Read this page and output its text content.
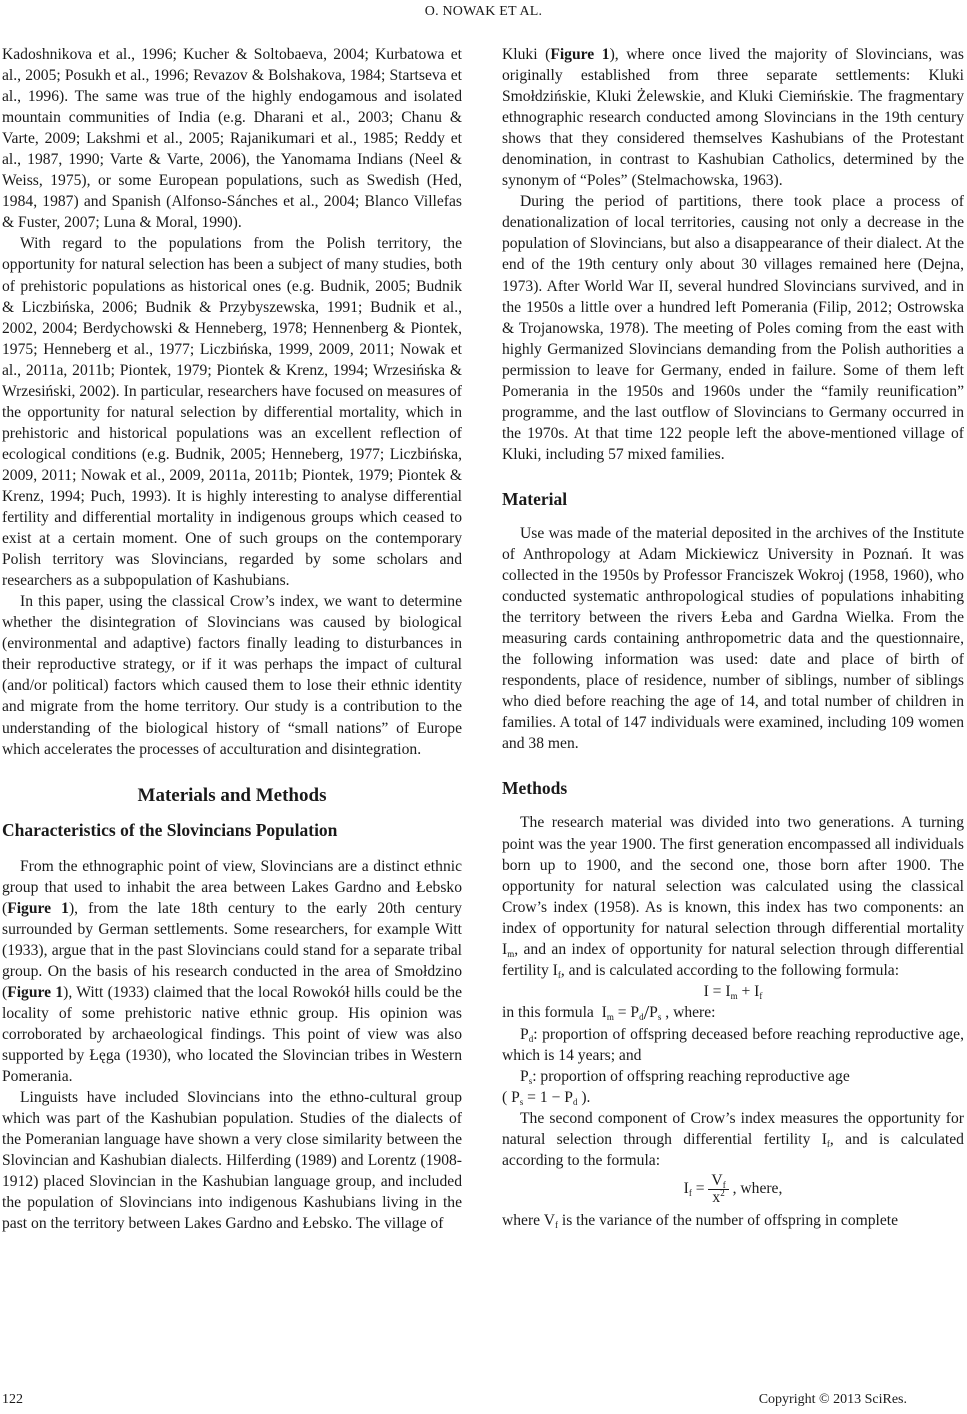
O. NOWAK ET AL.

Kadoshnikova et al., 1996; Kucher & Soltobaeva, 2004; Kurbatowa et al., 2005; Posukh et al., 1996; Revazov & Bolshakova, 1984; Startseva et al., 1996). The same was true of the highly endogamous and isolated mountain communities of India (e.g. Dharani et al., 2003; Chanu & Varte, 2009; Lakshmi et al., 2005; Rajanikumari et al., 1985; Reddy et al., 1987, 1990; Varte & Varte, 2006), the Yanomama Indians (Neel & Weiss, 1975), or some European populations, such as Swedish (Hed, 1984, 1987) and Spanish (Alfonso-Sánches et al., 2004; Blanco Villefas & Fuster, 2007; Luna & Moral, 1990).

With regard to the populations from the Polish territory, the opportunity for natural selection has been a subject of many studies, both of prehistoric populations as historical ones (e.g. Budnik, 2005; Budnik & Liczbińska, 2006; Budnik & Przybyszewska, 1991; Budnik et al., 2002, 2004; Berdychowski & Henneberg, 1978; Hennenberg & Piontek, 1975; Henneberg et al., 1977; Liczbińska, 1999, 2009, 2011; Nowak et al., 2011a, 2011b; Piontek, 1979; Piontek & Krenz, 1994; Wrzesińska & Wrzesiński, 2002). In particular, researchers have focused on measures of the opportunity for natural selection by differential mortality, which in prehistoric and historical populations was an excellent reflection of ecological conditions (e.g. Budnik, 2005; Henneberg, 1977; Liczbińska, 2009, 2011; Nowak et al., 2009, 2011a, 2011b; Piontek, 1979; Piontek & Krenz, 1994; Puch, 1993). It is highly interesting to analyse differential fertility and differential mortality in indigenous groups which ceased to exist at a certain moment. One of such groups on the contemporary Polish territory was Slovincians, regarded by some scholars and researchers as a subpopulation of Kashubians.

In this paper, using the classical Crow’s index, we want to determine whether the disintegration of Slovincians was caused by biological (environmental and adaptive) factors finally leading to disturbances in their reproductive strategy, or if it was perhaps the impact of cultural (and/or political) factors which caused them to lose their ethnic identity and migrate from the home territory. Our study is a contribution to the understanding of the biological history of “small nations” of Europe which accelerates the processes of acculturation and disintegration.

Materials and Methods
Characteristics of the Slovincians Population

From the ethnographic point of view, Slovincians are a distinct ethnic group that used to inhabit the area between Lakes Gardno and Łebsko (Figure 1), from the late 18th century to the early 20th century surrounded by German settlements. Some researchers, for example Witt (1933), argue that in the past Slovincians could stand for a separate tribal group. On the basis of his research conducted in the area of Smołdzino (Figure 1), Witt (1933) claimed that the local Rowokół hills could be the locality of some prehistoric native ethnic group. His opinion was corroborated by archaeological findings. This point of view was also supported by Łęga (1930), who located the Slovincian tribes in Western Pomerania.

Linguists have included Slovincians into the ethno-cultural group which was part of the Kashubian population. Studies of the dialects of the Pomeranian language have shown a very close similarity between the Slovincian and Kashubian dialects. Hilferding (1989) and Lorentz (1908-1912) placed Slovincian in the Kashubian language group, and included the population of Slovincians into indigenous Kashubians living in the past on the territory between Lakes Gardno and Łebsko. The village of

Kluki (Figure 1), where once lived the majority of Slovincians, was originally established from three separate settlements: Kluki Smołdzińskie, Kluki Żelewskie, and Kluki Ciemińskie. The fragmentary ethnographic research conducted among Slovincians in the 19th century shows that they considered themselves Kashubians of the Protestant denomination, in contrast to Kashubian Catholics, determined by the synonym of “Poles” (Stelmachowska, 1963).

During the period of partitions, there took place a process of denationalization of local territories, causing not only a decrease in the population of Slovincians, but also a disappearance of their dialect. At the end of the 19th century only about 30 villages remained here (Dejna, 1973). After World War II, several hundred Slovincians survived, and in the 1950s a little over a hundred left Pomerania (Filip, 2012; Ostrowska & Trojanowska, 1978). The meeting of Poles coming from the east with highly Germanized Slovincians demanding from the Polish authorities a permission to leave for Germany, ended in failure. Some of them left Pomerania in the 1950s and 1960s under the “family reunification” programme, and the last outflow of Slovincians to Germany occurred in the 1970s. At that time 122 people left the above-mentioned village of Kluki, including 57 mixed families.

Material

Use was made of the material deposited in the archives of the Institute of Anthropology at Adam Mickiewicz University in Poznań. It was collected in the 1950s by Professor Franciszek Wokroj (1958, 1960), who conducted systematic anthropological studies of populations inhabiting the territory between the rivers Łeba and Gardna Wielka. From the measuring cards containing anthropometric data and the questionnaire, the following information was used: date and place of birth of respondents, place of residence, number of siblings, number of siblings who died before reaching the age of 14, and total number of children in families. A total of 147 individuals were examined, including 109 women and 38 men.

Methods

The research material was divided into two generations. A turning point was the year 1900. The first generation encompassed all individuals born up to 1900, and the second one, those born after 1900. The opportunity for natural selection was calculated using the classical Crow’s index (1958). As is known, this index has two components: an index of opportunity for natural selection through differential mortality $I_m$, and an index of opportunity for natural selection through differential fertility $I_f$, and is calculated according to the following formula:

$I = I_m + I_f$

in this formula $I_m = P_d/P_s$ , where:

$P_d$: proportion of offspring deceased before reaching reproductive age, which is 14 years; and

$P_s$: proportion of offspring reaching reproductive age

( $P_s = 1 - P_d$ ).

The second component of Crow’s index measures the opportunity for natural selection through differential fertility $I_f$, and is calculated according to the formula:

$I_f = \frac{V_f}{x^2}$ , where,

where $V_f$ is the variance of the number of offspring in complete

122	Copyright © 2013 SciRes.
